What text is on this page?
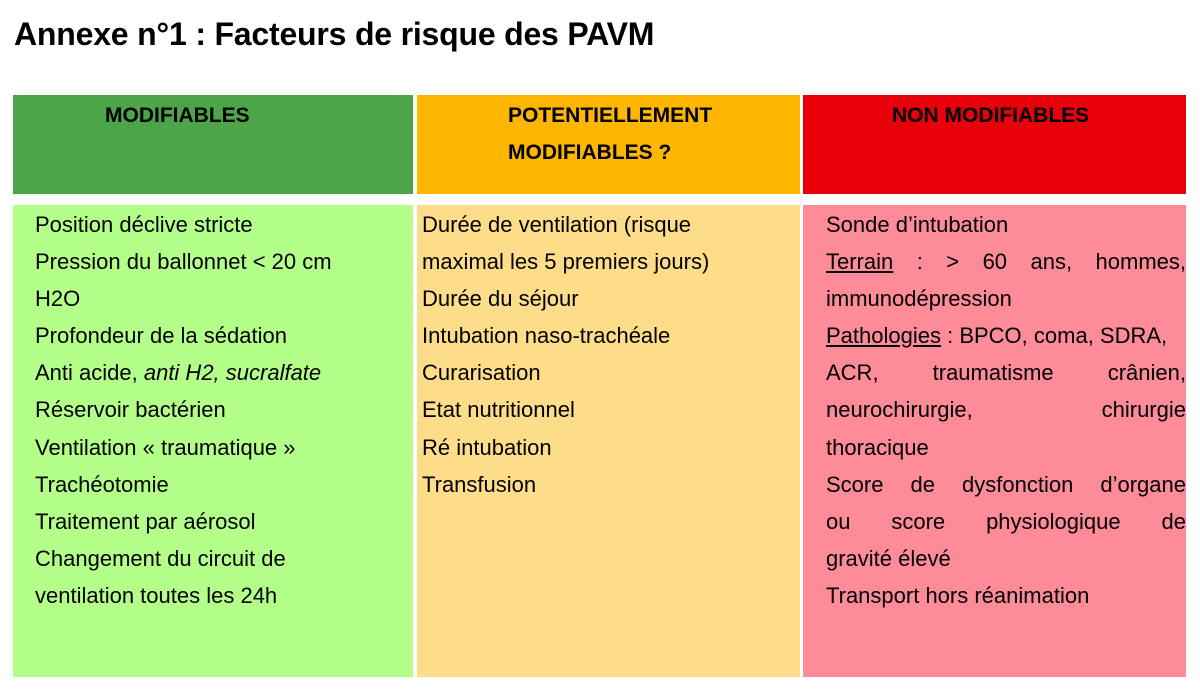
Annexe n°1 : Facteurs de risque des PAVM
MODIFIABLES	POTENTIELLEMENT
MODIFIABLES ?
NON MODIFIABLES
Position déclive stricte
Pression du ballonnet < 20 cm
H2O
Profondeur de la sédation
Anti acide, anti H2, sucralfate
Réservoir bactérien
Ventilation « traumatique »
Trachéotomie
Traitement par aérosol
Changement du circuit de
ventilation toutes les 24h
Durée de ventilation (risque
maximal les 5 premiers jours)
Durée du séjour
Intubation naso-trachéale
Curarisation
Etat nutritionnel
Ré intubation
Transfusion
Sonde d’intubation
Terrain : > 60 ans, hommes,
immunodépression
Pathologies : BPCO, coma, SDRA,
ACR, traumatisme crânien,
neurochirurgie, chirurgie
thoracique
Score de dysfonction d’organe
ou score physiologique de
gravité élevé
Transport hors réanimation
